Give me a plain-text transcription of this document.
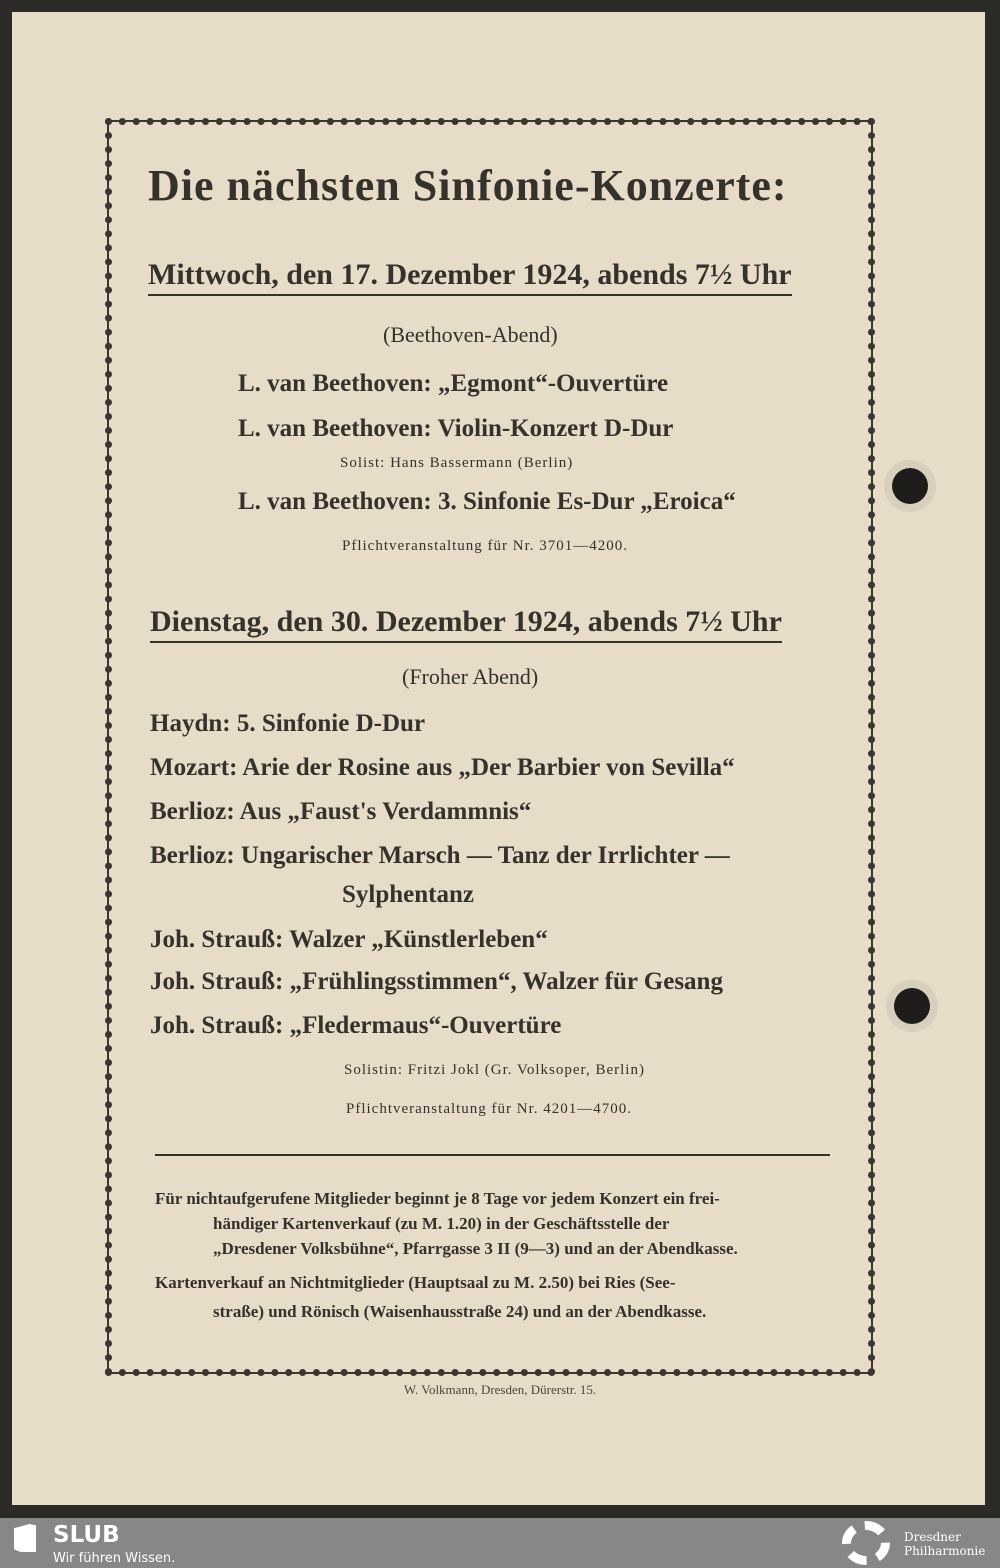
Die nächsten Sinfonie-Konzerte:
Mittwoch, den 17. Dezember 1924, abends 7½ Uhr
(Beethoven-Abend)
L. van Beethoven: „Egmont“-Ouvertüre
L. van Beethoven: Violin-Konzert D-Dur
Solist: Hans Bassermann (Berlin)
L. van Beethoven: 3. Sinfonie Es-Dur „Eroica“
Pflichtveranstaltung für Nr. 3701—4200.
Dienstag, den 30. Dezember 1924, abends 7½ Uhr
(Froher Abend)
Haydn: 5. Sinfonie D-Dur
Mozart: Arie der Rosine aus „Der Barbier von Sevilla“
Berlioz: Aus „Faust's Verdammnis“
Berlioz: Ungarischer Marsch — Tanz der Irrlichter —
Sylphentanz
Joh. Strauß: Walzer „Künstlerleben“
Joh. Strauß: „Frühlingsstimmen“, Walzer für Gesang
Joh. Strauß: „Fledermaus“-Ouvertüre
Solistin: Fritzi Jokl (Gr. Volksoper, Berlin)
Pflichtveranstaltung für Nr. 4201—4700.
Für nichtaufgerufene Mitglieder beginnt je 8 Tage vor jedem Konzert ein frei-
händiger Kartenverkauf (zu M. 1.20) in der Geschäftsstelle der
„Dresdener Volksbühne“, Pfarrgasse 3 II (9—3) und an der Abendkasse.
Kartenverkauf an Nichtmitglieder (Hauptsaal zu M. 2.50) bei Ries (See-
straße) und Rönisch (Waisenhausstraße 24) und an der Abendkasse.
W. Volkmann, Dresden, Dürerstr. 15.
SLUB
Wir führen Wissen.
Dresdner
Philharmonie
